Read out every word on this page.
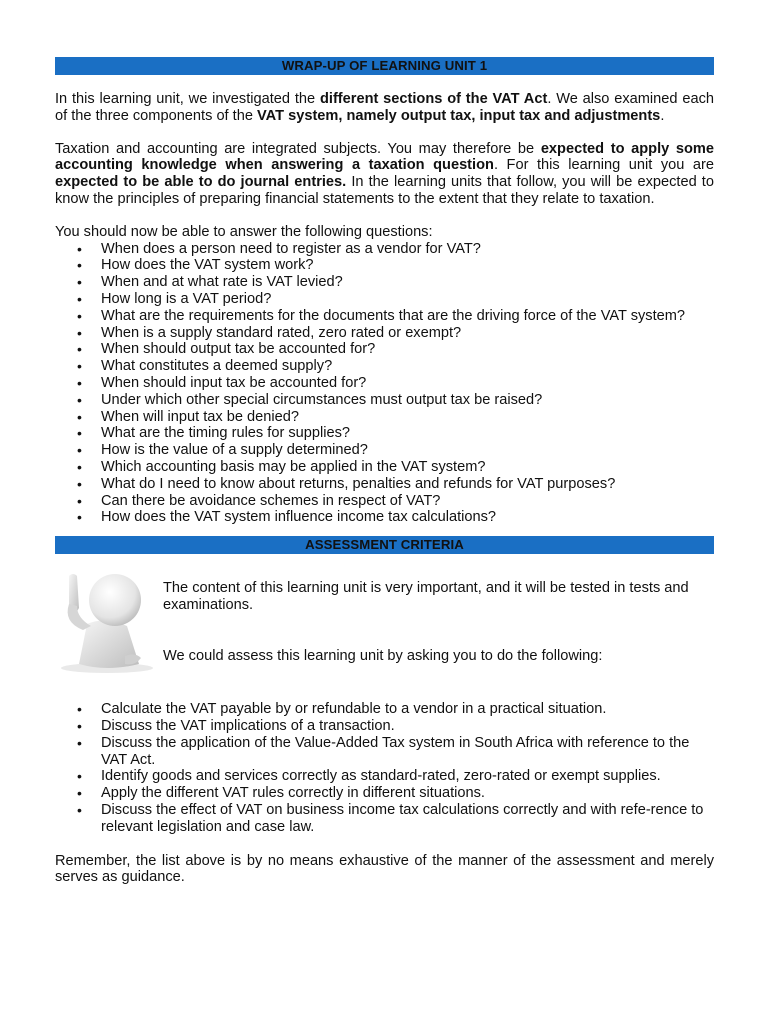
WRAP-UP OF LEARNING UNIT 1

In this learning unit, we investigated the different sections of the VAT Act. We also examined each of the three components of the VAT system, namely output tax, input tax and adjustments.

Taxation and accounting are integrated subjects. You may therefore be expected to apply some accounting knowledge when answering a taxation question. For this learning unit you are expected to be able to do journal entries. In the learning units that follow, you will be expected to know the principles of preparing financial statements to the extent that they relate to taxation.

You should now be able to answer the following questions:

• When does a person need to register as a vendor for VAT?
• How does the VAT system work?
• When and at what rate is VAT levied?
• How long is a VAT period?
• What are the requirements for the documents that are the driving force of the VAT system?
• When is a supply standard rated, zero rated or exempt?
• When should output tax be accounted for?
• What constitutes a deemed supply?
• When should input tax be accounted for?
• Under which other special circumstances must output tax be raised?
• When will input tax be denied?
• What are the timing rules for supplies?
• How is the value of a supply determined?
• Which accounting basis may be applied in the VAT system?
• What do I need to know about returns, penalties and refunds for VAT purposes?
• Can there be avoidance schemes in respect of VAT?
• How does the VAT system influence income tax calculations?
ASSESSMENT CRITERIA

The content of this learning unit is very important, and it will be tested in tests and examinations.

We could assess this learning unit by asking you to do the following:

• Calculate the VAT payable by or refundable to a vendor in a practical situation.
• Discuss the VAT implications of a transaction.
• Discuss the application of the Value-Added Tax system in South Africa with reference to the VAT Act.
• Identify goods and services correctly as standard-rated, zero-rated or exempt supplies.
• Apply the different VAT rules correctly in different situations.
• Discuss the effect of VAT on business income tax calculations correctly and with refe-rence to relevant legislation and case law.

Remember, the list above is by no means exhaustive of the manner of the assessment and merely serves as guidance.
